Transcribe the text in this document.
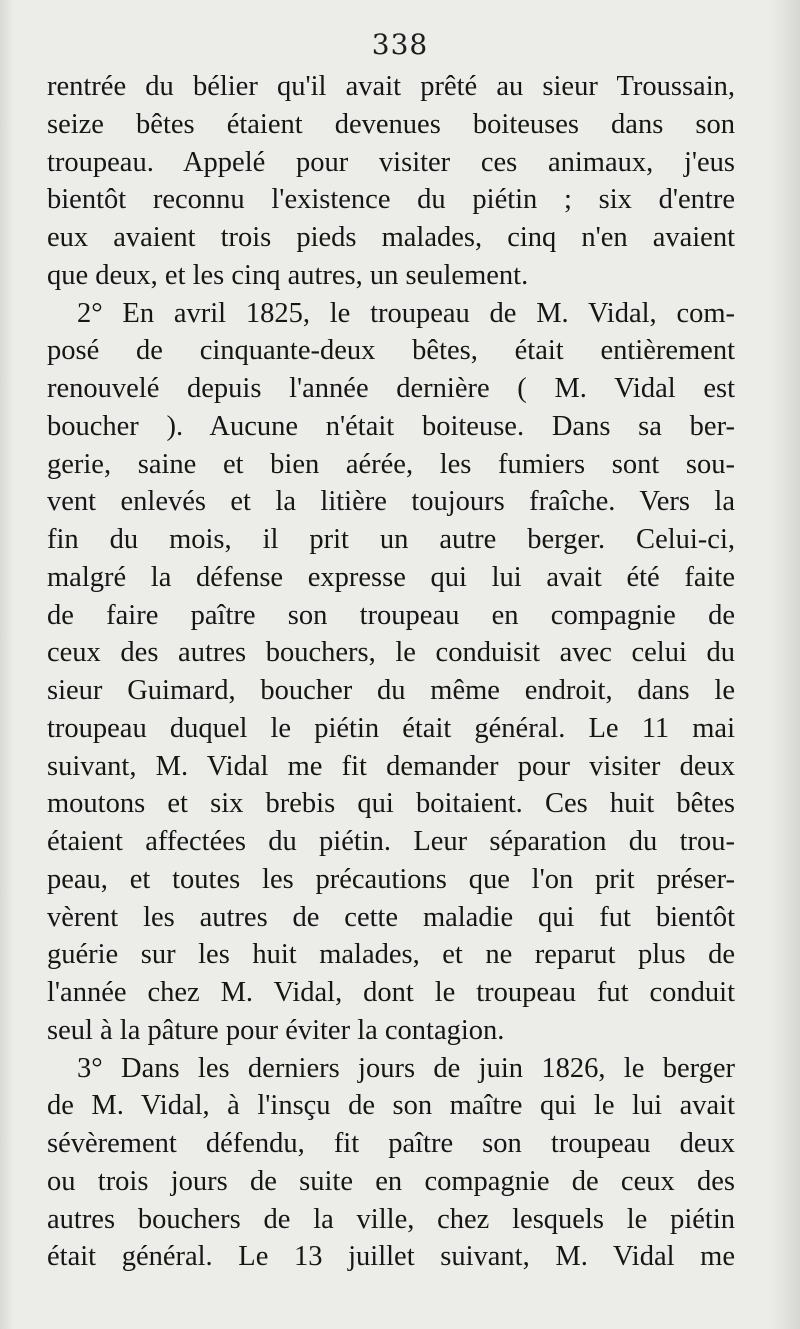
338
rentrée du bélier qu'il avait prêté au sieur Troussain,
seize bêtes étaient devenues boiteuses dans son
troupeau. Appelé pour visiter ces animaux, j'eus
bientôt reconnu l'existence du piétin ; six d'entre
eux avaient trois pieds malades, cinq n'en avaient
que deux, et les cinq autres, un seulement.
2° En avril 1825, le troupeau de M. Vidal, com-
posé de cinquante-deux bêtes, était entièrement
renouvelé depuis l'année dernière ( M. Vidal est
boucher ). Aucune n'était boiteuse. Dans sa ber-
gerie, saine et bien aérée, les fumiers sont sou-
vent enlevés et la litière toujours fraîche. Vers la
fin du mois, il prit un autre berger. Celui-ci,
malgré la défense expresse qui lui avait été faite
de faire paître son troupeau en compagnie de
ceux des autres bouchers, le conduisit avec celui du
sieur Guimard, boucher du même endroit, dans le
troupeau duquel le piétin était général. Le 11 mai
suivant, M. Vidal me fit demander pour visiter deux
moutons et six brebis qui boitaient. Ces huit bêtes
étaient affectées du piétin. Leur séparation du trou-
peau, et toutes les précautions que l'on prit préser-
vèrent les autres de cette maladie qui fut bientôt
guérie sur les huit malades, et ne reparut plus de
l'année chez M. Vidal, dont le troupeau fut conduit
seul à la pâture pour éviter la contagion.
3° Dans les derniers jours de juin 1826, le berger
de M. Vidal, à l'insçu de son maître qui le lui avait
sévèrement défendu, fit paître son troupeau deux
ou trois jours de suite en compagnie de ceux des
autres bouchers de la ville, chez lesquels le piétin
était général. Le 13 juillet suivant, M. Vidal me
